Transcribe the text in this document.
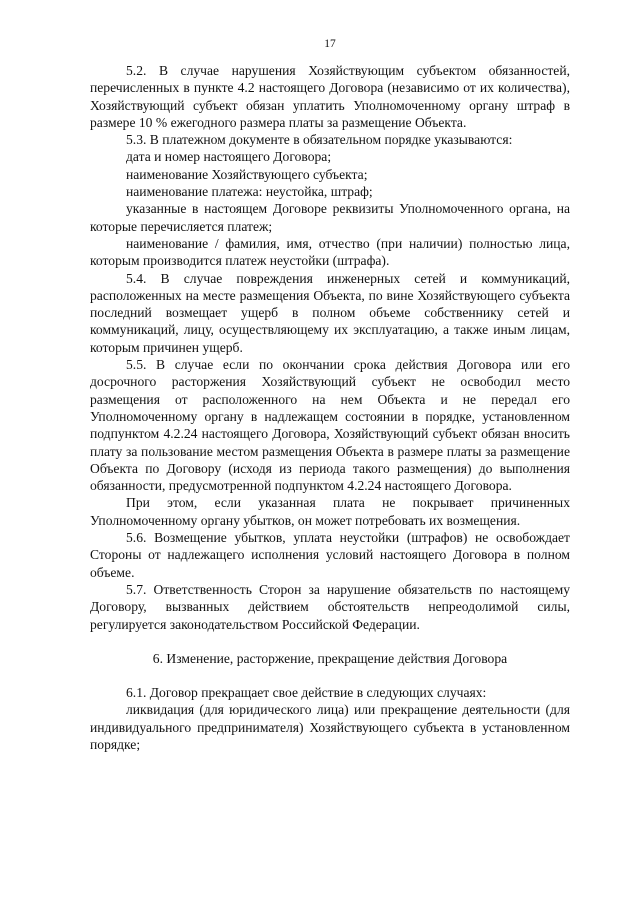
17

5.2. В случае нарушения Хозяйствующим субъектом обязанностей, перечисленных в пункте 4.2 настоящего Договора (независимо от их количества), Хозяйствующий субъект обязан уплатить Уполномоченному органу штраф в размере 10 % ежегодного размера платы за размещение Объекта.

5.3. В платежном документе в обязательном порядке указываются:

дата и номер настоящего Договора;

наименование Хозяйствующего субъекта;

наименование платежа: неустойка, штраф;

указанные в настоящем Договоре реквизиты Уполномоченного органа, на которые перечисляется платеж;

наименование / фамилия, имя, отчество (при наличии) полностью лица, которым производится платеж неустойки (штрафа).

5.4. В случае повреждения инженерных сетей и коммуникаций, расположенных на месте размещения Объекта, по вине Хозяйствующего субъекта последний возмещает ущерб в полном объеме собственнику сетей и коммуникаций, лицу, осуществляющему их эксплуатацию, а также иным лицам, которым причинен ущерб.

5.5. В случае если по окончании срока действия Договора или его досрочного расторжения Хозяйствующий субъект не освободил место размещения от расположенного на нем Объекта и не передал его Уполномоченному органу в надлежащем состоянии в порядке, установленном подпунктом 4.2.24 настоящего Договора, Хозяйствующий субъект обязан вносить плату за пользование местом размещения Объекта в размере платы за размещение Объекта по Договору (исходя из периода такого размещения) до выполнения обязанности, предусмотренной подпунктом 4.2.24 настоящего Договора.

При этом, если указанная плата не покрывает причиненных Уполномоченному органу убытков, он может потребовать их возмещения.

5.6. Возмещение убытков, уплата неустойки (штрафов) не освобождает Стороны от надлежащего исполнения условий настоящего Договора в полном объеме.

5.7. Ответственность Сторон за нарушение обязательств по настоящему Договору, вызванных действием обстоятельств непреодолимой силы, регулируется законодательством Российской Федерации.

6. Изменение, расторжение, прекращение действия Договора

6.1. Договор прекращает свое действие в следующих случаях:

ликвидация (для юридического лица) или прекращение деятельности (для индивидуального предпринимателя) Хозяйствующего субъекта в установленном порядке;
